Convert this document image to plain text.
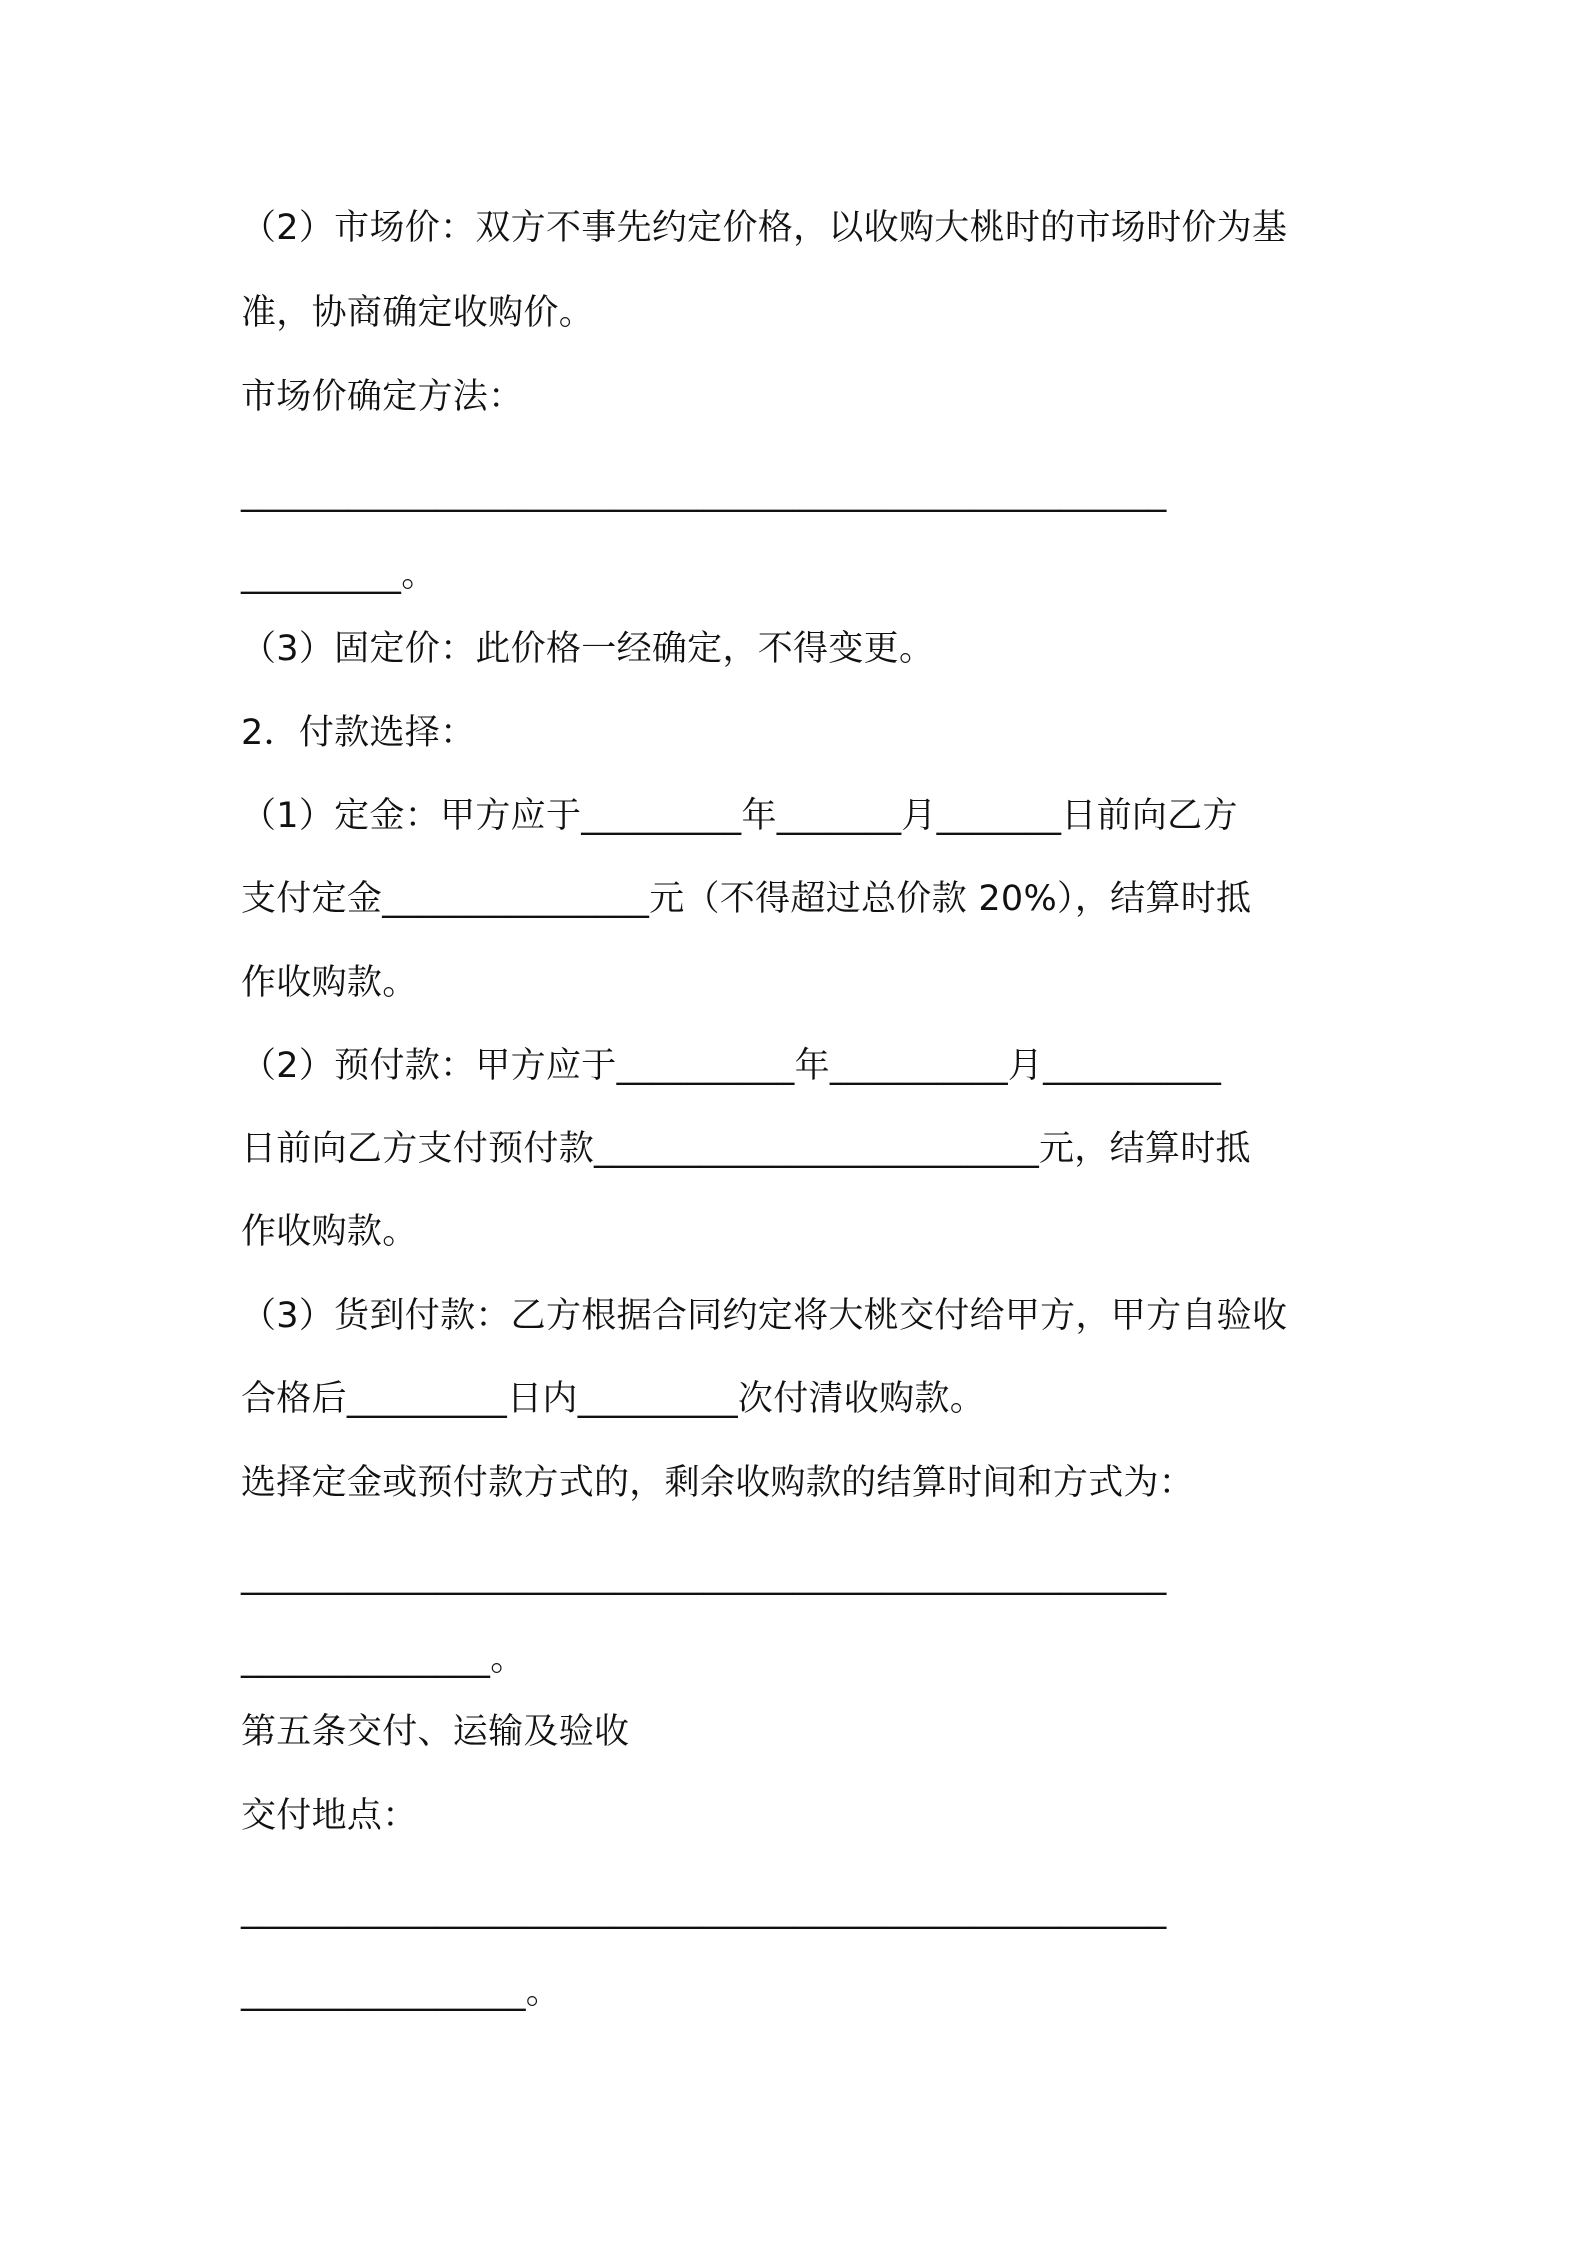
（2）市场价：双方不事先约定价格，以收购大桃时的市场时价为基
准，协商确定收购价。
市场价确定方法：
____________________________________________________
_________。
（3）固定价：此价格一经确定，不得变更。
2．付款选择：
（1）定金：甲方应于_________年_______月_______日前向乙方
支付定金_______________元（不得超过总价款 20%），结算时抵
作收购款。
（2）预付款：甲方应于__________年__________月__________
日前向乙方支付预付款_________________________元，结算时抵
作收购款。
（3）货到付款：乙方根据合同约定将大桃交付给甲方，甲方自验收
合格后_________日内_________次付清收购款。
选择定金或预付款方式的，剩余收购款的结算时间和方式为：
____________________________________________________
______________。
第五条交付、运输及验收
交付地点：
____________________________________________________
________________。
